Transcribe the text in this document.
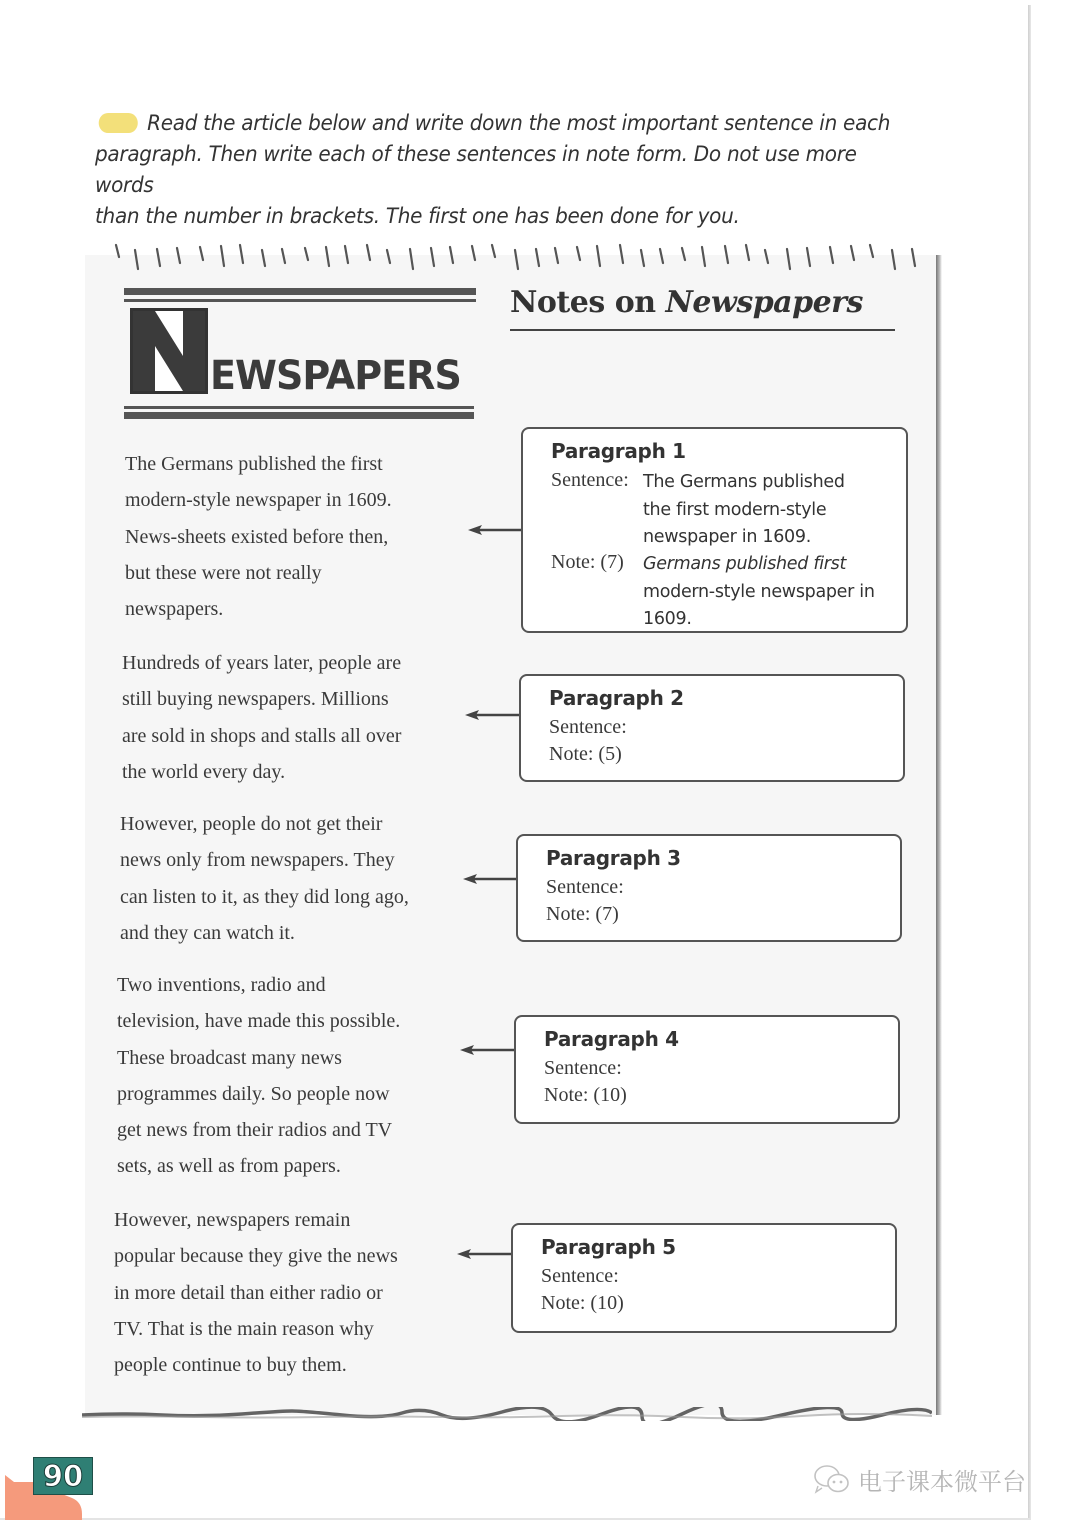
Read the article below and write down the most important sentence in each
paragraph. Then write each of these sentences in note form. Do not use more words
than the number in brackets. The first one has been done for you.
EWSPAPERS
Notes on Newspapers
The Germans published the first
modern-style newspaper in 1609.
News-sheets existed before then,
but these were not really
newspapers.
Hundreds of years later, people are
still buying newspapers. Millions
are sold in shops and stalls all over
the world every day.
However, people do not get their
news only from newspapers. They
can listen to it, as they did long ago,
and they can watch it.
Two inventions, radio and
television, have made this possible.
These broadcast many news
programmes daily. So people now
get news from their radios and TV
sets, as well as from papers.
However, newspapers remain
popular because they give the news
in more detail than either radio or
TV. That is the main reason why
people continue to buy them.
Paragraph 1
Sentence: The Germans published
the first modern-style
newspaper in 1609.
Note: (7) Germans published first
modern-style newspaper in
1609.
Paragraph 2
Sentence:
Note: (5)
Paragraph 3
Sentence:
Note: (7)
Paragraph 4
Sentence:
Note: (10)
Paragraph 5
Sentence:
Note: (10)
90	电子课本微平台
